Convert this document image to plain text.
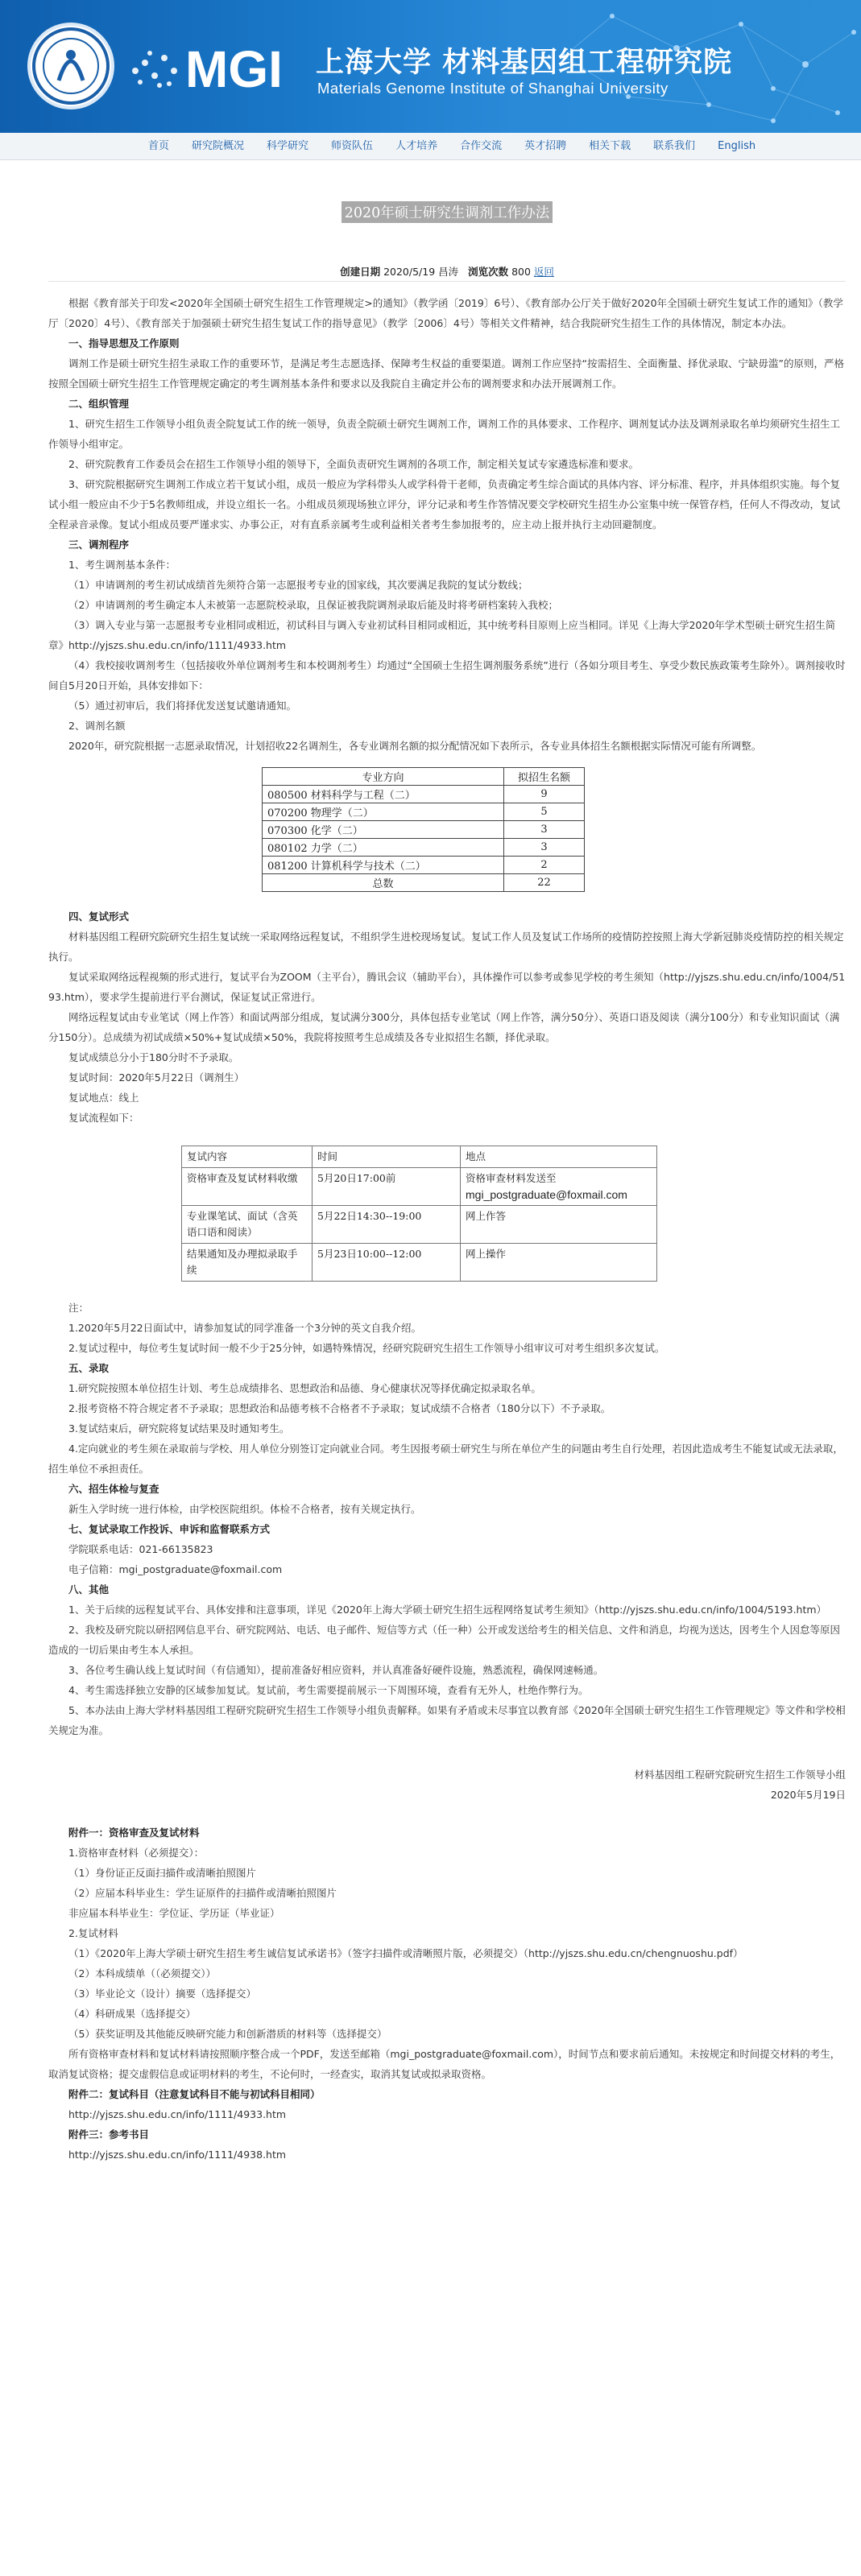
MGI 上海大学 材料基因组工程研究院
Materials Genome Institute of Shanghai University
首页	研究院概况	科学研究	师资队伍	人才培养	合作交流	英才招聘	相关下载	联系我们	English
2020年硕士研究生调剂工作办法
创建日期 2020/5/19 昌涛 浏览次数 800 返回

根据《教育部关于印发<2020年全国硕士研究生招生工作管理规定>的通知》（教学函〔2019〕6号）、《教育部办公厅关于做好2020年全国硕士研究生复试工作的通知》（教学厅〔2020〕4号）、《教育部关于加强硕士研究生招生复试工作的指导意见》（教学〔2006〕4号）等相关文件精神，结合我院研究生招生工作的具体情况，制定本办法。

一、指导思想及工作原则

调剂工作是硕士研究生招生录取工作的重要环节，是满足考生志愿选择、保障考生权益的重要渠道。调剂工作应坚持“按需招生、全面衡量、择优录取、宁缺毋滥”的原则，严格按照全国硕士研究生招生工作管理规定确定的考生调剂基本条件和要求以及我院自主确定并公布的调剂要求和办法开展调剂工作。

二、组织管理

1、研究生招生工作领导小组负责全院复试工作的统一领导，负责全院硕士研究生调剂工作，调剂工作的具体要求、工作程序、调剂复试办法及调剂录取名单均须研究生招生工作领导小组审定。

2、研究院教育工作委员会在招生工作领导小组的领导下，全面负责研究生调剂的各项工作，制定相关复试专家遴选标准和要求。

3、研究院根据研究生调剂工作成立若干复试小组，成员一般应为学科带头人或学科骨干老师，负责确定考生综合面试的具体内容、评分标准、程序，并具体组织实施。每个复试小组一般应由不少于5名教师组成，并设立组长一名。小组成员须现场独立评分，评分记录和考生作答情况要交学校研究生招生办公室集中统一保管存档，任何人不得改动，复试全程录音录像。复试小组成员要严谨求实、办事公正，对有直系亲属考生或利益相关者考生参加报考的，应主动上报并执行主动回避制度。

三、调剂程序

1、考生调剂基本条件：

（1）申请调剂的考生初试成绩首先须符合第一志愿报考专业的国家线，其次要满足我院的复试分数线；

（2）申请调剂的考生确定本人未被第一志愿院校录取，且保证被我院调剂录取后能及时将考研档案转入我校；

（3）调入专业与第一志愿报考专业相同或相近，初试科目与调入专业初试科目相同或相近，其中统考科目原则上应当相同。详见《上海大学2020年学术型硕士研究生招生简章》http://yjszs.shu.edu.cn/info/1111/4933.htm

（4）我校接收调剂考生（包括接收外单位调剂考生和本校调剂考生）均通过“全国硕士生招生调剂服务系统”进行（各如分项目考生、享受少数民族政策考生除外）。调剂接收时间自5月20日开始，具体安排如下：

（5）通过初审后，我们将择优发送复试邀请通知。

2、调剂名额

2020年，研究院根据一志愿录取情况，计划招收22名调剂生，各专业调剂名额的拟分配情况如下表所示，各专业具体招生名额根据实际情况可能有所调整。

专业方向	拟招生名额
080500 材料科学与工程（二）	9
070200 物理学（二）	5
070300 化学（二）	3
080102 力学（二）	3
081200 计算机科学与技术（二）	2
总数	22

四、复试形式

材料基因组工程研究院研究生招生复试统一采取网络远程复试，不组织学生进校现场复试。复试工作人员及复试工作场所的疫情防控按照上海大学新冠肺炎疫情防控的相关规定执行。

复试采取网络远程视频的形式进行，复试平台为ZOOM（主平台），腾讯会议（辅助平台），具体操作可以参考或参见学校的考生须知（http://yjszs.shu.edu.cn/info/1004/5193.htm），要求学生提前进行平台测试，保证复试正常进行。

网络远程复试由专业笔试（网上作答）和面试两部分组成，复试满分300分，具体包括专业笔试（网上作答，满分50分）、英语口语及阅读（满分100分）和专业知识面试（满分150分）。总成绩为初试成绩×50%+复试成绩×50%，我院将按照考生总成绩及各专业拟招生名额，择优录取。

复试成绩总分小于180分时不予录取。

复试时间：2020年5月22日（调剂生）

复试地点：线上

复试流程如下：

复试内容	时间	地点
资格审查及复试材料收缴	5月20日17:00前	资格审查材料发送至
mgi_postgraduate@foxmail.com

专业课笔试、面试（含英语口语和阅读）	5月22日14:30--19:00	网上作答
结果通知及办理拟录取手续	5月23日10:00--12:00	网上操作

注：

1.2020年5月22日面试中，请参加复试的同学准备一个3分钟的英文自我介绍。

2.复试过程中，每位考生复试时间一般不少于25分钟，如遇特殊情况，经研究院研究生招生工作领导小组审议可对考生组织多次复试。

五、录取

1.研究院按照本单位招生计划、考生总成绩排名、思想政治和品德、身心健康状况等择优确定拟录取名单。

2.报考资格不符合规定者不予录取；思想政治和品德考核不合格者不予录取；复试成绩不合格者（180分以下）不予录取。

3.复试结束后，研究院将复试结果及时通知考生。

4.定向就业的考生须在录取前与学校、用人单位分别签订定向就业合同。考生因报考硕士研究生与所在单位产生的问题由考生自行处理，若因此造成考生不能复试或无法录取，招生单位不承担责任。

六、招生体检与复查

新生入学时统一进行体检，由学校医院组织。体检不合格者，按有关规定执行。

七、复试录取工作投诉、申诉和监督联系方式

学院联系电话：021-66135823

电子信箱：mgi_postgraduate@foxmail.com

八、其他

1、关于后续的远程复试平台、具体安排和注意事项，详见《2020年上海大学硕士研究生招生远程网络复试考生须知》（http://yjszs.shu.edu.cn/info/1004/5193.htm）

2、我校及研究院以研招网信息平台、研究院网站、电话、电子邮件、短信等方式（任一种）公开或发送给考生的相关信息、文件和消息，均视为送达，因考生个人因怠等原因造成的一切后果由考生本人承担。

3、各位考生确认线上复试时间（有信通知），提前准备好相应资料，并认真准备好硬件设施，熟悉流程，确保网速畅通。

4、考生需选择独立安静的区域参加复试。复试前，考生需要提前展示一下周围环境，查看有无外人，杜绝作弊行为。

5、本办法由上海大学材料基因组工程研究院研究生招生工作领导小组负责解释。如果有矛盾或未尽事宜以教育部《2020年全国硕士研究生招生工作管理规定》等文件和学校相关规定为准。

材料基因组工程研究院研究生招生工作领导小组

2020年5月19日

附件一：资格审查及复试材料

1.资格审查材料（必须提交）：

（1）身份证正反面扫描件或清晰拍照图片

（2）应届本科毕业生：学生证原件的扫描件或清晰拍照图片

非应届本科毕业生：学位证、学历证（毕业证）

2.复试材料

（1）《2020年上海大学硕士研究生招生考生诚信复试承诺书》（签字扫描件或清晰照片版，必须提交）（http://yjszs.shu.edu.cn/chengnuoshu.pdf）

（2）本科成绩单（（必须提交））

（3）毕业论文（设计）摘要（选择提交）

（4）科研成果（选择提交）

（5）获奖证明及其他能反映研究能力和创新潜质的材料等（选择提交）

所有资格审查材料和复试材料请按照顺序整合成一个PDF，发送至邮箱（mgi_postgraduate@foxmail.com），时间节点和要求前后通知。未按规定和时间提交材料的考生，取消复试资格；提交虚假信息或证明材料的考生，不论何时，一经查实，取消其复试或拟录取资格。

附件二：复试科目（注意复试科目不能与初试科目相同）

http://yjszs.shu.edu.cn/info/1111/4933.htm

附件三：参考书目

http://yjszs.shu.edu.cn/info/1111/4938.htm
